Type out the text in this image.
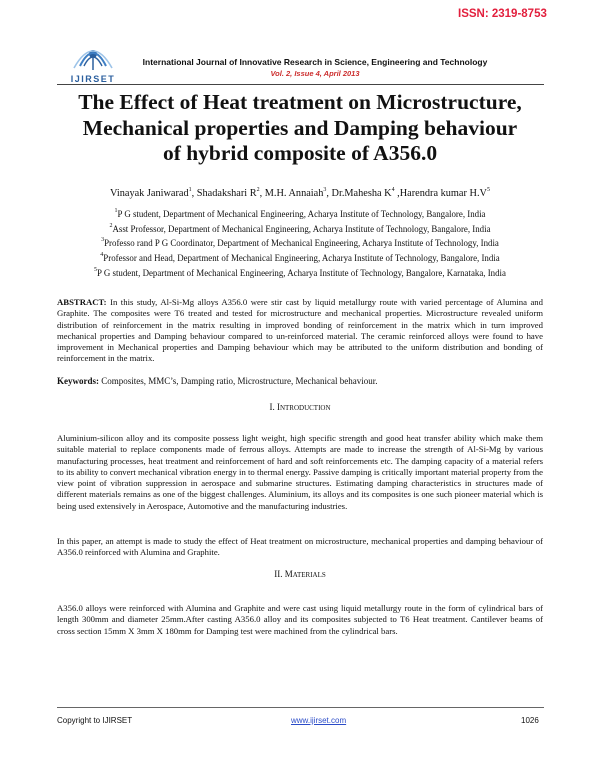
ISSN: 2319-8753
IJIRSET
International Journal of Innovative Research in Science, Engineering and Technology
Vol. 2, Issue 4, April 2013
The Effect of Heat treatment on Microstructure,
Mechanical properties and Damping behaviour
of hybrid composite of A356.0
Vinayak Janiwarad$^1$, Shadakshari $R^2$, M.H. Annaiah$^3$, Dr.Mahesha $K^4$ ,Harendra kumar $H.V^5$
$^1$P G student, Department of Mechanical Engineering, Acharya Institute of Technology, Bangalore, India
$^2$Asst Professor, Department of Mechanical Engineering, Acharya Institute of Technology, Bangalore, India
$^3$Professo rand P G Coordinator, Department of Mechanical Engineering, Acharya Institute of Technology, India
$^4$Professor and Head, Department of Mechanical Engineering, Acharya Institute of Technology, Bangalore, India
$^5$P G student, Department of Mechanical Engineering, Acharya Institute of Technology, Bangalore, Karnataka, India
ABSTRACT: In this study, Al-Si-Mg alloys A356.0 were stir cast by liquid metallurgy route with varied percentage of Alumina and Graphite. The composites were T6 treated and tested for microstructure and mechanical properties. Microstructure revealed uniform distribution of reinforcement in the matrix resulting in improved bonding of reinforcement in the matrix which in turn improved mechanical properties and Damping behaviour compared to un-reinforced material. The ceramic reinforced alloys were found to have improvement in Mechanical properties and Damping behaviour which may be attributed to the uniform distribution and bonding of reinforcement in the matrix.
Keywords: Composites, MMC’s, Damping ratio, Microstructure, Mechanical behaviour.
I. INTRODUCTION
Aluminium-silicon alloy and its composite possess light weight, high specific strength and good heat transfer ability which make them suitable material to replace components made of ferrous alloys. Attempts are made to increase the strength of Al-Si-Mg by various manufacturing processes, heat treatment and reinforcement of hard and soft reinforcements etc. The damping capacity of a material refers to its ability to convert mechanical vibration energy in to thermal energy. Passive damping is critically important material property from the view point of vibration suppression in aerospace and submarine structures. Estimating damping characteristics in structures made of different materials remains as one of the biggest challenges. Aluminium, its alloys and its composites is one such pioneer material which is being used extensively in Aerospace, Automotive and the manufacturing industries.
In this paper, an attempt is made to study the effect of Heat treatment on microstructure, mechanical properties and damping behaviour of A356.0 reinforced with Alumina and Graphite.
II. MATERIALS
A356.0 alloys were reinforced with Alumina and Graphite and were cast using liquid metallurgy route in the form of cylindrical bars of length 300mm and diameter 25mm.After casting A356.0 alloy and its composites subjected to T6 Heat treatment. Cantilever beams of cross section 15mm X 3mm X 180mm for Damping test were machined from the cylindrical bars.
Copyright to IJIRSET	www.ijirset.com	1026
